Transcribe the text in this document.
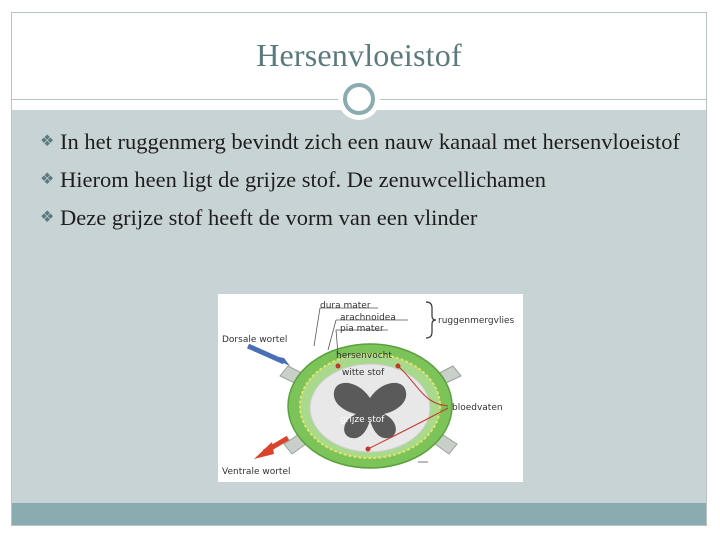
Hersenvloeistof
❖ In het ruggenmerg bevindt zich een nauw kanaal met hersenvloeistof
❖ Hierom heen ligt de grijze stof. De zenuwcellichamen
❖ Deze grijze stof heeft de vorm van een vlinder
dura mater
arachnoidea
pia mater
ruggenmergvlies
Dorsale wortel
hersenvocht
witte stof
bloedvaten
grijze stof
Ventrale wortel
